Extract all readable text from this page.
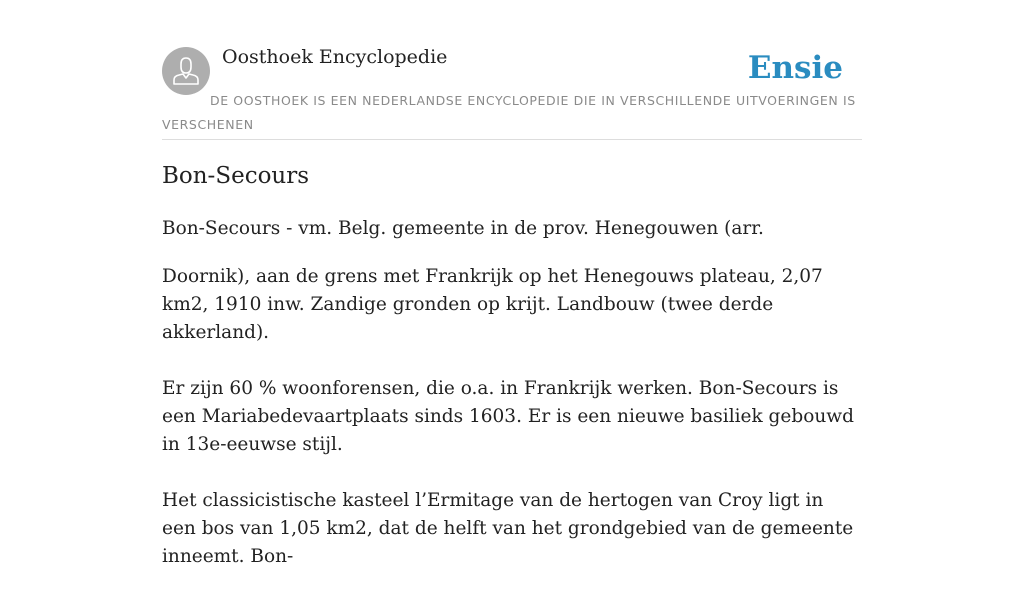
Oosthoek Encyclopedie	Ensie
DE OOSTHOEK IS EEN NEDERLANDSE ENCYCLOPEDIE DIE IN VERSCHILLENDE UITVOERINGEN IS VERSCHENEN
Bon-Secours
Bon-Secours - vm. Belg. gemeente in de prov. Henegouwen (arr.

Doornik), aan de grens met Frankrijk op het Henegouws plateau, 2,07 km2, 1910 inw. Zandige gronden op krijt. Landbouw (twee derde akkerland).

Er zijn 60 % woonforensen, die o.a. in Frankrijk werken. Bon-Secours is een Mariabedevaartplaats sinds 1603. Er is een nieuwe basiliek gebouwd in 13e-eeuwse stijl.

Het classicistische kasteel l’Ermitage van de hertogen van Croy ligt in een bos van 1,05 km2, dat de helft van het grondgebied van de gemeente inneemt. Bon-
